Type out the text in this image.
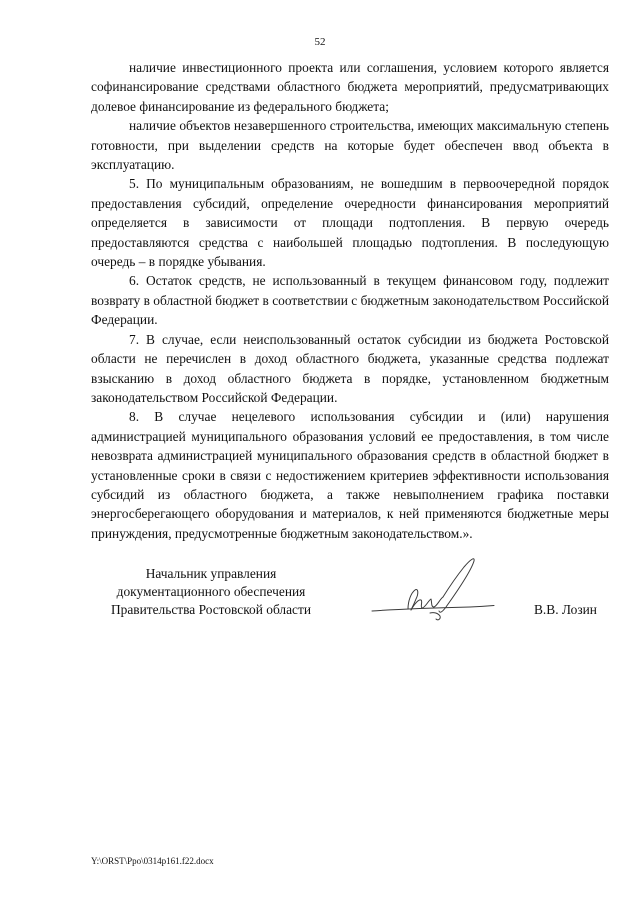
52

наличие инвестиционного проекта или соглашения, условием которого является софинансирование средствами областного бюджета мероприятий, предусматривающих долевое финансирование из федерального бюджета;

наличие объектов незавершенного строительства, имеющих максимальную степень готовности, при выделении средств на которые будет обеспечен ввод объекта в эксплуатацию.

5. По муниципальным образованиям, не вошедшим в первоочередной порядок предоставления субсидий, определение очередности финансирования мероприятий определяется в зависимости от площади подтопления. В первую очередь предоставляются средства с наибольшей площадью подтопления. В последующую очередь – в порядке убывания.

6. Остаток средств, не использованный в текущем финансовом году, подлежит возврату в областной бюджет в соответствии с бюджетным законодательством Российской Федерации.

7. В случае, если неиспользованный остаток субсидии из бюджета Ростовской области не перечислен в доход областного бюджета, указанные средства подлежат взысканию в доход областного бюджета в порядке, установленном бюджетным законодательством Российской Федерации.

8. В случае нецелевого использования субсидии и (или) нарушения администрацией муниципального образования условий ее предоставления, в том числе невозврата администрацией муниципального образования средств в областной бюджет в установленные сроки в связи с недостижением критериев эффективности использования субсидий из областного бюджета, а также невыполнением графика поставки энергосберегающего оборудования и материалов, к ней применяются бюджетные меры принуждения, предусмотренные бюджетным законодательством.».

Начальник управления
документационного обеспечения
Правительства Ростовской области	В.В. Лозин
Y:\ORST\Ppo\0314p161.f22.docx
